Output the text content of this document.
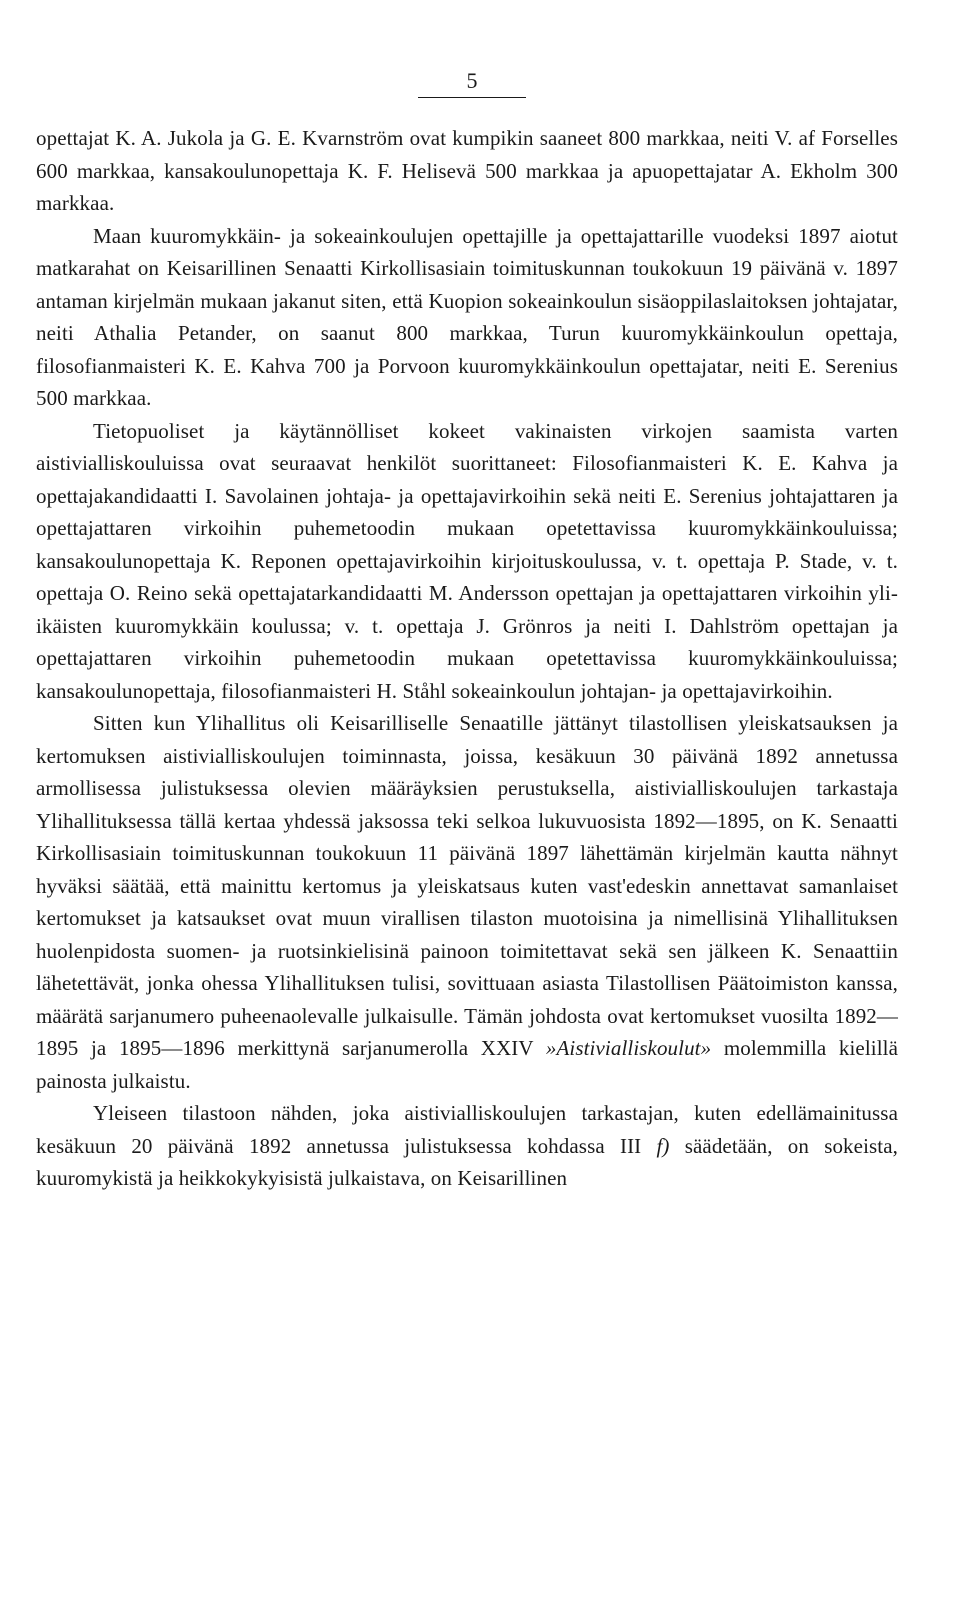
5

opettajat K. A. Jukola ja G. E. Kvarnström ovat kumpikin saaneet 800 markkaa, neiti V. af Forselles 600 markkaa, kansakoulunopettaja K. F. Helisevä 500 markkaa ja apuopettajatar A. Ekholm 300 markkaa.

Maan kuuromykkäin- ja sokeainkoulujen opettajille ja opettajattarille vuodeksi 1897 aiotut matkarahat on Keisarillinen Senaatti Kirkollisasiain toimituskunnan toukokuun 19 päivänä v. 1897 antaman kirjelmän mukaan jakanut siten, että Kuopion sokeainkoulun sisäoppilaslaitoksen johtajatar, neiti Athalia Petander, on saanut 800 markkaa, Turun kuuromykkäinkoulun opettaja, filosofianmaisteri K. E. Kahva 700 ja Porvoon kuuromykkäinkoulun opettajatar, neiti E. Serenius 500 markkaa.

Tietopuoliset ja käytännölliset kokeet vakinaisten virkojen saamista varten aistivialliskouluissa ovat seuraavat henkilöt suorittaneet: Filosofianmaisteri K. E. Kahva ja opettajakandidaatti I. Savolainen johtaja- ja opettajavirkoihin sekä neiti E. Serenius johtajattaren ja opettajattaren virkoihin puhemetoodin mukaan opetettavissa kuuromykkäinkouluissa; kansakoulunopettaja K. Reponen opettajavirkoihin kirjoituskoulussa, v. t. opettaja P. Stade, v. t. opettaja O. Reino sekä opettajatarkandidaatti M. Andersson opettajan ja opettajattaren virkoihin yli-ikäisten kuuromykkäin koulussa; v. t. opettaja J. Grönros ja neiti I. Dahlström opettajan ja opettajattaren virkoihin puhemetoodin mukaan opetettavissa kuuromykkäinkouluissa; kansakoulunopettaja, filosofianmaisteri H. Ståhl sokeainkoulun johtajan- ja opettajavirkoihin.

Sitten kun Ylihallitus oli Keisarilliselle Senaatille jättänyt tilastollisen yleiskatsauksen ja kertomuksen aistivialliskoulujen toiminnasta, joissa, kesäkuun 30 päivänä 1892 annetussa armollisessa julistuksessa olevien määräyksien perustuksella, aistivialliskoulujen tarkastaja Ylihallituksessa tällä kertaa yhdessä jaksossa teki selkoa lukuvuosista 1892—1895, on K. Senaatti Kirkollisasiain toimituskunnan toukokuun 11 päivänä 1897 lähettämän kirjelmän kautta nähnyt hyväksi säätää, että mainittu kertomus ja yleiskatsaus kuten vast'edeskin annettavat samanlaiset kertomukset ja katsaukset ovat muun virallisen tilaston muotoisina ja nimellisinä Ylihallituksen huolenpidosta suomen- ja ruotsinkielisinä painoon toimitettavat sekä sen jälkeen K. Senaattiin lähetettävät, jonka ohessa Ylihallituksen tulisi, sovittuaan asiasta Tilastollisen Päätoimiston kanssa, määrätä sarjanumero puheenaolevalle julkaisulle. Tämän johdosta ovat kertomukset vuosilta 1892—1895 ja 1895—1896 merkittynä sarjanumerolla XXIV »Aistivialliskoulut» molemmilla kielillä painosta julkaistu.

Yleiseen tilastoon nähden, joka aistivialliskoulujen tarkastajan, kuten edellämainitussa kesäkuun 20 päivänä 1892 annetussa julistuksessa kohdassa III f) säädetään, on sokeista, kuuromykistä ja heikkokykyisistä julkaistava, on Keisarillinen
